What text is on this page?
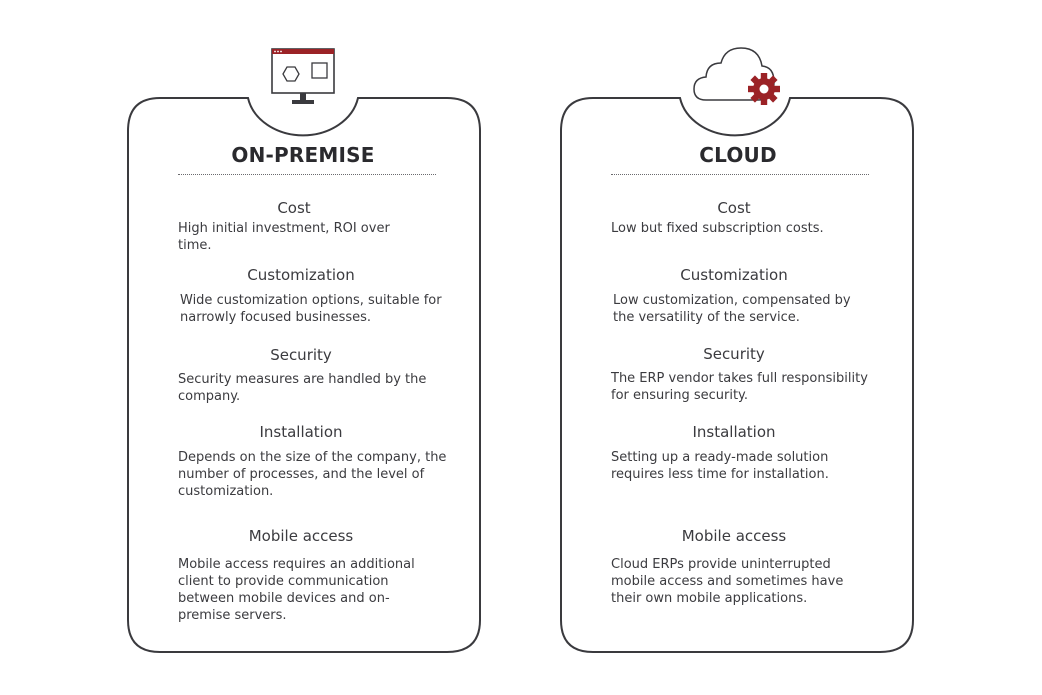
ON-PREMISE
Cost
High initial investment, ROI over time.
Customization
Wide customization options, suitable for narrowly focused businesses.
Security
Security measures are handled by the company.
Installation
Depends on the size of the company, the number of processes, and the level of customization.
Mobile access
Mobile access requires an additional client to provide communication between mobile devices and on-premise servers.
CLOUD
Cost
Low but fixed subscription costs.
Customization
Low customization, compensated by the versatility of the service.
Security
The ERP vendor takes full responsibility for ensuring security.
Installation
Setting up a ready-made solution requires less time for installation.
Mobile access
Cloud ERPs provide uninterrupted mobile access and sometimes have their own mobile applications.
